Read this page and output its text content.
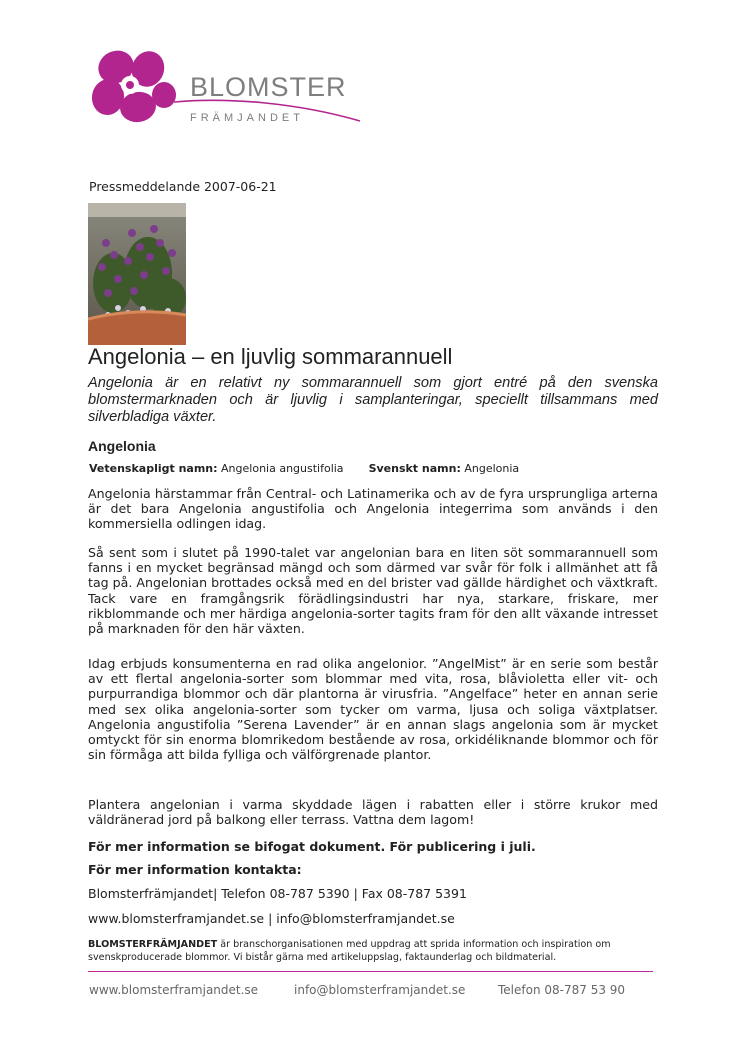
BLOMSTER
FRÄMJANDET
Pressmeddelande 2007-06-21
Angelonia – en ljuvlig sommarannuell
Angelonia är en relativt ny sommarannuell som gjort entré på den svenska blomstermarknaden och är ljuvlig i samplanteringar, speciellt tillsammans med silverbladiga växter.
Angelonia
Vetenskapligt namn: Angelonia angustifolia Svenskt namn: Angelonia
Angelonia härstammar från Central- och Latinamerika och av de fyra ursprungliga arterna är det bara Angelonia angustifolia och Angelonia integerrima som används i den kommersiella odlingen idag.
Så sent som i slutet på 1990-talet var angelonian bara en liten söt sommarannuell som fanns i en mycket begränsad mängd och som därmed var svår för folk i allmänhet att få tag på. Angelonian brottades också med en del brister vad gällde härdighet och växtkraft. Tack vare en framgångsrik förädlingsindustri har nya, starkare, friskare, mer rikblommande och mer härdiga angelonia-sorter tagits fram för den allt växande intresset på marknaden för den här växten.
Idag erbjuds konsumenterna en rad olika angelonior. ”AngelMist” är en serie som består av ett flertal angelonia-sorter som blommar med vita, rosa, blåvioletta eller vit- och purpurrandiga blommor och där plantorna är virusfria. ”Angelface” heter en annan serie med sex olika angelonia-sorter som tycker om varma, ljusa och soliga växtplatser. Angelonia angustifolia ”Serena Lavender” är en annan slags angelonia som är mycket omtyckt för sin enorma blomrikedom bestående av rosa, orkidéliknande blommor och för sin förmåga att bilda fylliga och välförgrenade plantor.
Plantera angelonian i varma skyddade lägen i rabatten eller i större krukor med väldränerad jord på balkong eller terrass. Vattna dem lagom!
För mer information se bifogat dokument. För publicering i juli.
För mer information kontakta:
Blomsterfrämjandet| Telefon 08-787 5390 | Fax 08-787 5391
www.blomsterframjandet.se | info@blomsterframjandet.se
BLOMSTERFRÄMJANDET är branschorganisationen med uppdrag att sprida information och inspiration om svenskproducerade blommor. Vi bistår gärna med artikeluppslag, faktaunderlag och bildmaterial.
www.blomsterframjandet.se	info@blomsterframjandet.se	Telefon 08-787 53 90
